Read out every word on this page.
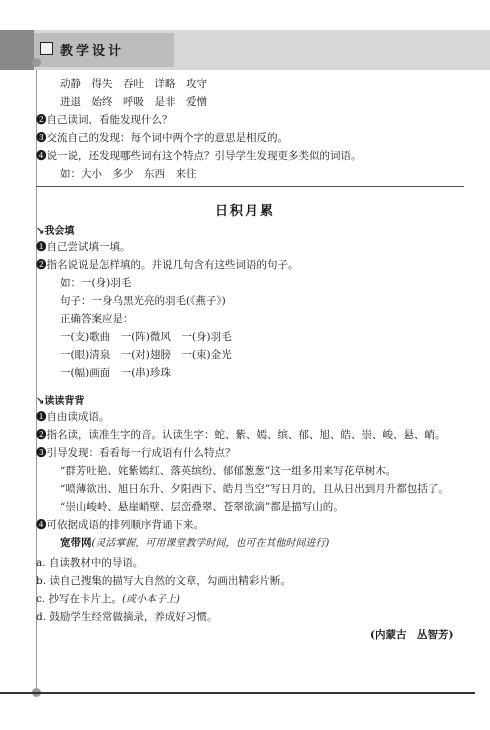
教学设计
动静　得失　吞吐　详略　攻守
进退　始终　呼吸　是非　爱憎
❷自己读词，看能发现什么？
❸交流自己的发现：每个词中两个字的意思是相反的。
❹说一说，还发现哪些词有这个特点？引导学生发现更多类似的词语。
如：大小　多少　东西　来往
日积月累
↘我会填
❶自己尝试填一填。
❷指名说说是怎样填的。并说几句含有这些词语的句子。
如：一(身)羽毛
句子：一身乌黑光亮的羽毛(《燕子》)
正确答案应是：
一(支)歌曲　一(阵)微风　一(身)羽毛
一(眼)清泉　一(对)翅膀　一(束)金光
一(幅)画面　一(串)珍珠
↘读读背背
❶自由读成语。
❷指名读，读准生字的音。认读生字：蛇、紫、嫣、缤、郁、旭、皓、崇、峻、悬、峭。
❸引导发现：看看每一行成语有什么特点？
“群芳吐艳、姹紫嫣红、落英缤纷、郁郁葱葱”这一组多用来写花草树木。
“喷薄欲出、旭日东升、夕阳西下、皓月当空”写日月的，且从日出到月升都包括了。
“崇山峻岭、悬崖峭壁、层峦叠翠、苍翠欲滴”都是描写山的。
❹可依据成语的排列顺序背诵下来。
宽带网(灵活掌握，可用课堂教学时间，也可在其他时间进行)
a. 自读教材中的导语。
b. 读自己搜集的描写大自然的文章，勾画出精彩片断。
c. 抄写在卡片上。(或小本子上)
d. 鼓励学生经常做摘录，养成好习惯。
(内蒙古　丛智芳)
